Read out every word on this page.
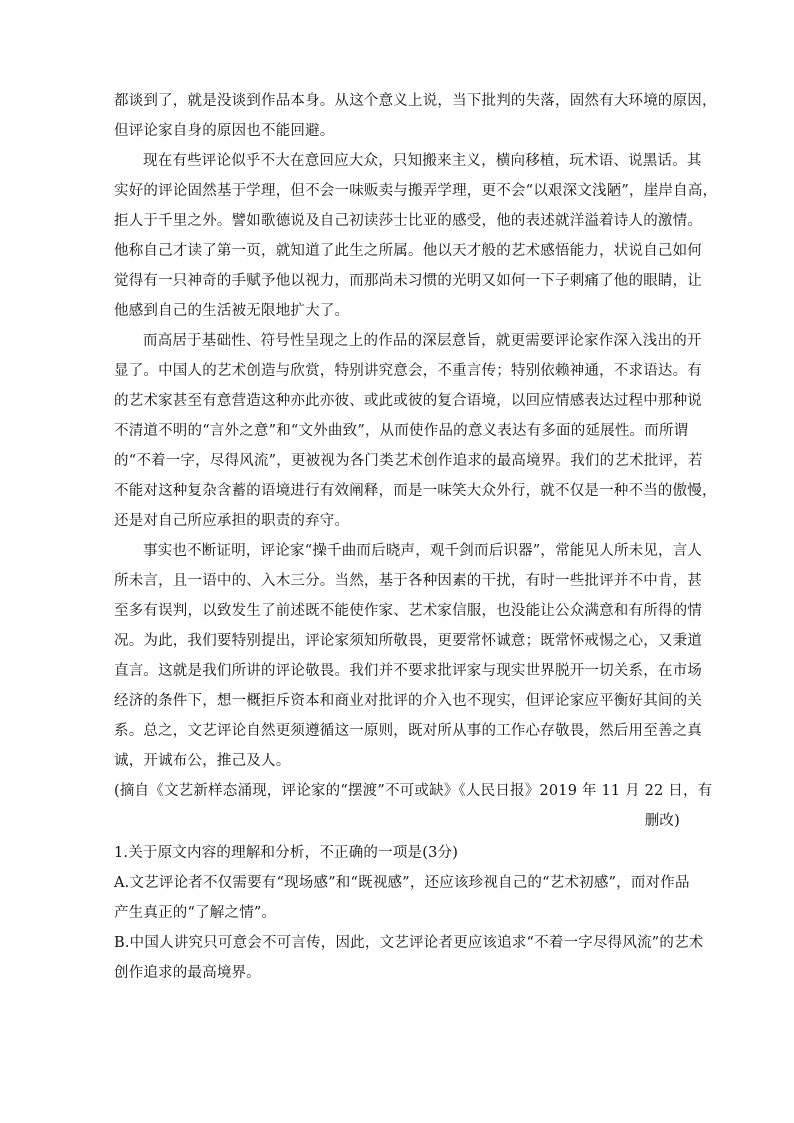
都谈到了，就是没谈到作品本身。从这个意义上说，当下批判的失落，固然有大环境的原因，
但评论家自身的原因也不能回避。
现在有些评论似乎不大在意回应大众，只知搬来主义，横向移植，玩术语、说黑话。其
实好的评论固然基于学理，但不会一味贩卖与搬弄学理，更不会“以艰深文浅陋”，崖岸自高，
拒人于千里之外。譬如歌德说及自己初读莎士比亚的感受，他的表述就洋溢着诗人的激情。
他称自己才读了第一页，就知道了此生之所属。他以天才般的艺术感悟能力，状说自己如何
觉得有一只神奇的手赋予他以视力，而那尚未习惯的光明又如何一下子刺痛了他的眼睛，让
他感到自己的生活被无限地扩大了。
而高居于基础性、符号性呈现之上的作品的深层意旨，就更需要评论家作深入浅出的开
显了。中国人的艺术创造与欣赏，特别讲究意会，不重言传；特别依赖神通，不求语达。有
的艺术家甚至有意营造这种亦此亦彼、或此或彼的复合语境，以回应情感表达过程中那种说
不清道不明的“言外之意”和“文外曲致”，从而使作品的意义表达有多面的延展性。而所谓
的“不着一字，尽得风流”，更被视为各门类艺术创作追求的最高境界。我们的艺术批评，若
不能对这种复杂含蓄的语境进行有效阐释，而是一味笑大众外行，就不仅是一种不当的傲慢，
还是对自己所应承担的职责的弃守。
事实也不断证明，评论家“操千曲而后晓声，观千剑而后识器”，常能见人所未见，言人
所未言，且一语中的、入木三分。当然，基于各种因素的干扰，有时一些批评并不中肯，甚
至多有误判，以致发生了前述既不能使作家、艺术家信服，也没能让公众满意和有所得的情
况。为此，我们要特别提出，评论家须知所敬畏，更要常怀诚意；既常怀戒惕之心，又秉道
直言。这就是我们所讲的评论敬畏。我们并不要求批评家与现实世界脱开一切关系，在市场
经济的条件下，想一概拒斥资本和商业对批评的介入也不现实，但评论家应平衡好其间的关
系。总之，文艺评论自然更须遵循这一原则，既对所从事的工作心存敬畏，然后用至善之真
诚，开诚布公，推己及人。
(摘自《文艺新样态涌现，评论家的“摆渡”不可或缺》《人民日报》2019 年 11 月 22 日，有
删改)
1.关于原文内容的理解和分析，不正确的一项是(3分)
A.文艺评论者不仅需要有“现场感”和“既视感”，还应该珍视自己的“艺术初感”，而对作品
产生真正的“了解之情”。
B.中国人讲究只可意会不可言传，因此，文艺评论者更应该追求“不着一字尽得风流”的艺术
创作追求的最高境界。
